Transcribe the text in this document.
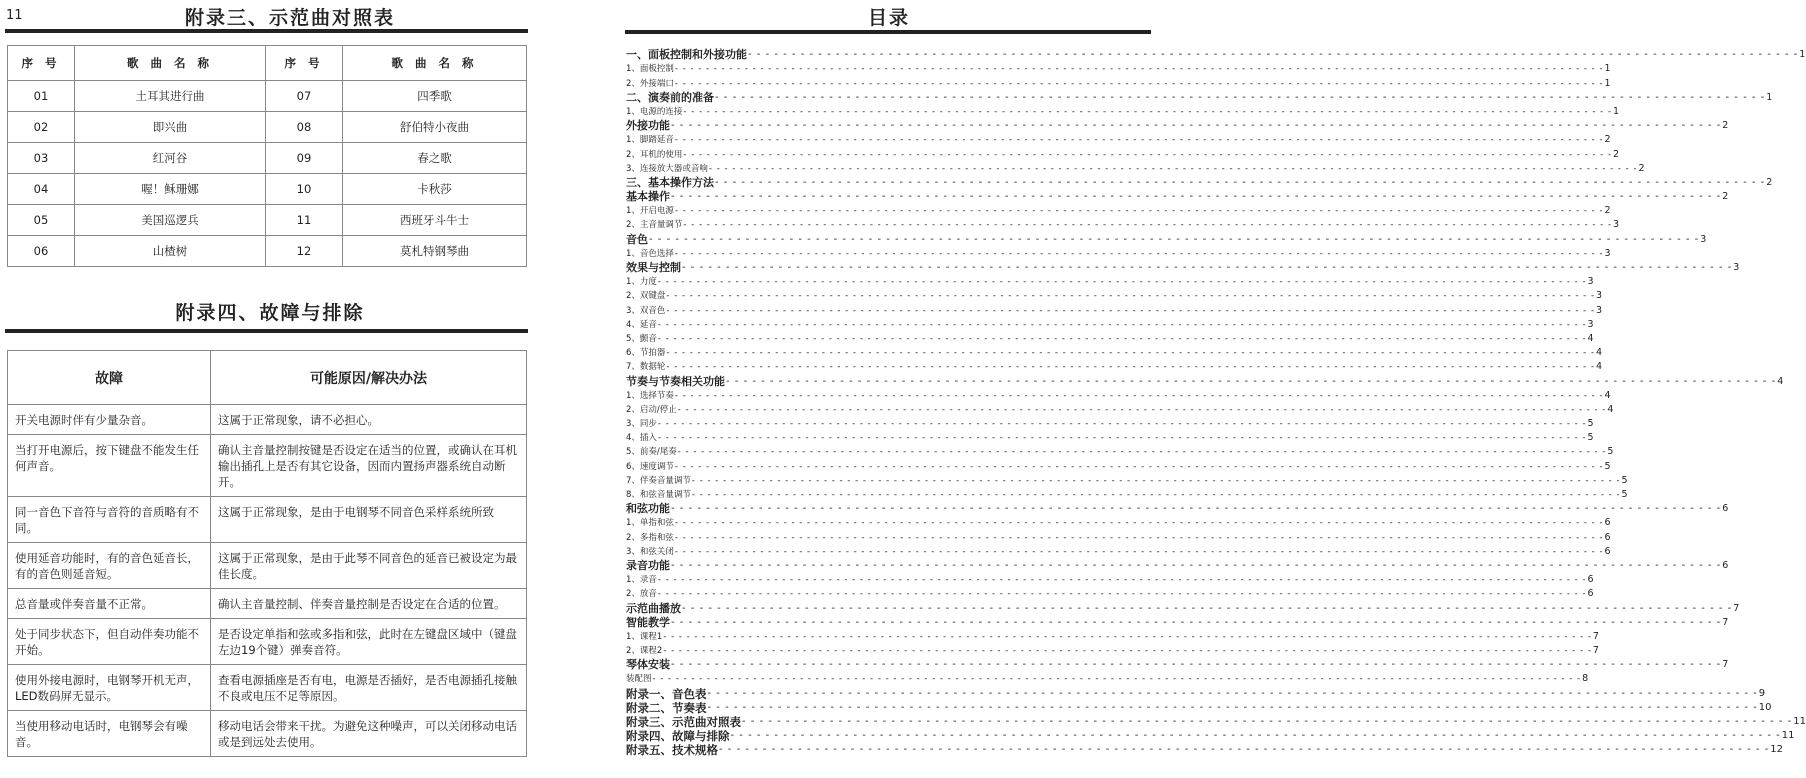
11	附录三、示范曲对照表
序 号	歌 曲 名 称	序 号	歌 曲 名 称
01	土耳其进行曲	07	四季歌
02	即兴曲	08	舒伯特小夜曲
03	红河谷	09	春之歌
04	喔！稣珊娜	10	卡秋莎
05	美国巡逻兵	11	西班牙斗牛士
06	山楂树	12	莫札特钢琴曲
附录四、故障与排除
故障	可能原因/解决办法
开关电源时伴有少量杂音。	这属于正常现象，请不必担心。
当打开电源后，按下键盘不能发生任何声音。	确认主音量控制按键是否设定在适当的位置，或确认在耳机输出插孔上是否有其它设备，因而内置扬声器系统自动断开。
同一音色下音符与音符的音质略有不同。	这属于正常现象，是由于电钢琴不同音色采样系统所致
使用延音功能时，有的音色延音长，有的音色则延音短。	这属于正常现象，是由于此琴不同音色的延音已被设定为最佳长度。
总音量或伴奏音量不正常。	确认主音量控制、伴奏音量控制是否设定在合适的位置。
处于同步状态下，但自动伴奏功能不开始。	是否设定单指和弦或多指和弦，此时在左键盘区域中（键盘左边19个键）弹奏音符。
使用外接电源时，电钢琴开机无声，LED数码屏无显示。	查看电源插座是否有电，电源是否插好，是否电源插孔接触不良或电压不足等原因。
当使用移动电话时，电钢琴会有噪音。	移动电话会带来干扰。为避免这种噪声，可以关闭移动电话或是到远处去使用。
目录
一、面板控制和外接功能 - - - - - - - - - - - - - - - - - - - - - - - - - - - - - - - - - - - - - - - - - - - - - - - - - - - - - - - - - - - - - - - - - - - - - - - - - - - - - - - - - - - - - - - - - - - - - - - - - - - - - - - - - - - - - - - - - - - - - - - - 1
1、面板控制 - - - - - - - - - - - - - - - - - - - - - - - - - - - - - - - - - - - - - - - - - - - - - - - - - - - - - - - - - - - - - - - - - - - - - - - - - - - - - - - - - - - - - - - - - - - - - - - - - - - - - - - - - - - - - - - - - - - - - - - - 1
2、外接端口 - - - - - - - - - - - - - - - - - - - - - - - - - - - - - - - - - - - - - - - - - - - - - - - - - - - - - - - - - - - - - - - - - - - - - - - - - - - - - - - - - - - - - - - - - - - - - - - - - - - - - - - - - - - - - - - - - - - - - - - - 1
二、演奏前的准备 - - - - - - - - - - - - - - - - - - - - - - - - - - - - - - - - - - - - - - - - - - - - - - - - - - - - - - - - - - - - - - - - - - - - - - - - - - - - - - - - - - - - - - - - - - - - - - - - - - - - - - - - - - - - - - - - - - - - - - - - 1
1、电源的连接 - - - - - - - - - - - - - - - - - - - - - - - - - - - - - - - - - - - - - - - - - - - - - - - - - - - - - - - - - - - - - - - - - - - - - - - - - - - - - - - - - - - - - - - - - - - - - - - - - - - - - - - - - - - - - - - - - - - - - - - - 1
外接功能 - - - - - - - - - - - - - - - - - - - - - - - - - - - - - - - - - - - - - - - - - - - - - - - - - - - - - - - - - - - - - - - - - - - - - - - - - - - - - - - - - - - - - - - - - - - - - - - - - - - - - - - - - - - - - - - - - - - - - - - - 2
1、脚踏延音 - - - - - - - - - - - - - - - - - - - - - - - - - - - - - - - - - - - - - - - - - - - - - - - - - - - - - - - - - - - - - - - - - - - - - - - - - - - - - - - - - - - - - - - - - - - - - - - - - - - - - - - - - - - - - - - - - - - - - - - - 2
2、耳机的使用 - - - - - - - - - - - - - - - - - - - - - - - - - - - - - - - - - - - - - - - - - - - - - - - - - - - - - - - - - - - - - - - - - - - - - - - - - - - - - - - - - - - - - - - - - - - - - - - - - - - - - - - - - - - - - - - - - - - - - - - - 2
3、连接放大器或音响 - - - - - - - - - - - - - - - - - - - - - - - - - - - - - - - - - - - - - - - - - - - - - - - - - - - - - - - - - - - - - - - - - - - - - - - - - - - - - - - - - - - - - - - - - - - - - - - - - - - - - - - - - - - - - - - - - - - - - - - - 2
三、基本操作方法 - - - - - - - - - - - - - - - - - - - - - - - - - - - - - - - - - - - - - - - - - - - - - - - - - - - - - - - - - - - - - - - - - - - - - - - - - - - - - - - - - - - - - - - - - - - - - - - - - - - - - - - - - - - - - - - - - - - - - - - - 2
基本操作 - - - - - - - - - - - - - - - - - - - - - - - - - - - - - - - - - - - - - - - - - - - - - - - - - - - - - - - - - - - - - - - - - - - - - - - - - - - - - - - - - - - - - - - - - - - - - - - - - - - - - - - - - - - - - - - - - - - - - - - - 2
1、开启电源 - - - - - - - - - - - - - - - - - - - - - - - - - - - - - - - - - - - - - - - - - - - - - - - - - - - - - - - - - - - - - - - - - - - - - - - - - - - - - - - - - - - - - - - - - - - - - - - - - - - - - - - - - - - - - - - - - - - - - - - - 2
2、主音量调节 - - - - - - - - - - - - - - - - - - - - - - - - - - - - - - - - - - - - - - - - - - - - - - - - - - - - - - - - - - - - - - - - - - - - - - - - - - - - - - - - - - - - - - - - - - - - - - - - - - - - - - - - - - - - - - - - - - - - - - - - 3
音色 - - - - - - - - - - - - - - - - - - - - - - - - - - - - - - - - - - - - - - - - - - - - - - - - - - - - - - - - - - - - - - - - - - - - - - - - - - - - - - - - - - - - - - - - - - - - - - - - - - - - - - - - - - - - - - - - - - - - - - - - 3
1、音色选择 - - - - - - - - - - - - - - - - - - - - - - - - - - - - - - - - - - - - - - - - - - - - - - - - - - - - - - - - - - - - - - - - - - - - - - - - - - - - - - - - - - - - - - - - - - - - - - - - - - - - - - - - - - - - - - - - - - - - - - - - 3
效果与控制 - - - - - - - - - - - - - - - - - - - - - - - - - - - - - - - - - - - - - - - - - - - - - - - - - - - - - - - - - - - - - - - - - - - - - - - - - - - - - - - - - - - - - - - - - - - - - - - - - - - - - - - - - - - - - - - - - - - - - - - - 3
1、力度 - - - - - - - - - - - - - - - - - - - - - - - - - - - - - - - - - - - - - - - - - - - - - - - - - - - - - - - - - - - - - - - - - - - - - - - - - - - - - - - - - - - - - - - - - - - - - - - - - - - - - - - - - - - - - - - - - - - - - - - - 3
2、双键盘 - - - - - - - - - - - - - - - - - - - - - - - - - - - - - - - - - - - - - - - - - - - - - - - - - - - - - - - - - - - - - - - - - - - - - - - - - - - - - - - - - - - - - - - - - - - - - - - - - - - - - - - - - - - - - - - - - - - - - - - - 3
3、双音色 - - - - - - - - - - - - - - - - - - - - - - - - - - - - - - - - - - - - - - - - - - - - - - - - - - - - - - - - - - - - - - - - - - - - - - - - - - - - - - - - - - - - - - - - - - - - - - - - - - - - - - - - - - - - - - - - - - - - - - - - 3
4、延音 - - - - - - - - - - - - - - - - - - - - - - - - - - - - - - - - - - - - - - - - - - - - - - - - - - - - - - - - - - - - - - - - - - - - - - - - - - - - - - - - - - - - - - - - - - - - - - - - - - - - - - - - - - - - - - - - - - - - - - - - 3
5、颤音 - - - - - - - - - - - - - - - - - - - - - - - - - - - - - - - - - - - - - - - - - - - - - - - - - - - - - - - - - - - - - - - - - - - - - - - - - - - - - - - - - - - - - - - - - - - - - - - - - - - - - - - - - - - - - - - - - - - - - - - - 4
6、节拍器 - - - - - - - - - - - - - - - - - - - - - - - - - - - - - - - - - - - - - - - - - - - - - - - - - - - - - - - - - - - - - - - - - - - - - - - - - - - - - - - - - - - - - - - - - - - - - - - - - - - - - - - - - - - - - - - - - - - - - - - - 4
7、数据轮 - - - - - - - - - - - - - - - - - - - - - - - - - - - - - - - - - - - - - - - - - - - - - - - - - - - - - - - - - - - - - - - - - - - - - - - - - - - - - - - - - - - - - - - - - - - - - - - - - - - - - - - - - - - - - - - - - - - - - - - - 4
节奏与节奏相关功能 - - - - - - - - - - - - - - - - - - - - - - - - - - - - - - - - - - - - - - - - - - - - - - - - - - - - - - - - - - - - - - - - - - - - - - - - - - - - - - - - - - - - - - - - - - - - - - - - - - - - - - - - - - - - - - - - - - - - - - - - 4
1、选择节奏 - - - - - - - - - - - - - - - - - - - - - - - - - - - - - - - - - - - - - - - - - - - - - - - - - - - - - - - - - - - - - - - - - - - - - - - - - - - - - - - - - - - - - - - - - - - - - - - - - - - - - - - - - - - - - - - - - - - - - - - - 4
2、启动/停止 - - - - - - - - - - - - - - - - - - - - - - - - - - - - - - - - - - - - - - - - - - - - - - - - - - - - - - - - - - - - - - - - - - - - - - - - - - - - - - - - - - - - - - - - - - - - - - - - - - - - - - - - - - - - - - - - - - - - - - - - 4
3、同步 - - - - - - - - - - - - - - - - - - - - - - - - - - - - - - - - - - - - - - - - - - - - - - - - - - - - - - - - - - - - - - - - - - - - - - - - - - - - - - - - - - - - - - - - - - - - - - - - - - - - - - - - - - - - - - - - - - - - - - - - 5
4、插入 - - - - - - - - - - - - - - - - - - - - - - - - - - - - - - - - - - - - - - - - - - - - - - - - - - - - - - - - - - - - - - - - - - - - - - - - - - - - - - - - - - - - - - - - - - - - - - - - - - - - - - - - - - - - - - - - - - - - - - - - 5
5、前奏/尾奏 - - - - - - - - - - - - - - - - - - - - - - - - - - - - - - - - - - - - - - - - - - - - - - - - - - - - - - - - - - - - - - - - - - - - - - - - - - - - - - - - - - - - - - - - - - - - - - - - - - - - - - - - - - - - - - - - - - - - - - - - 5
6、速度调节 - - - - - - - - - - - - - - - - - - - - - - - - - - - - - - - - - - - - - - - - - - - - - - - - - - - - - - - - - - - - - - - - - - - - - - - - - - - - - - - - - - - - - - - - - - - - - - - - - - - - - - - - - - - - - - - - - - - - - - - - 5
7、伴奏音量调节 - - - - - - - - - - - - - - - - - - - - - - - - - - - - - - - - - - - - - - - - - - - - - - - - - - - - - - - - - - - - - - - - - - - - - - - - - - - - - - - - - - - - - - - - - - - - - - - - - - - - - - - - - - - - - - - - - - - - - - - - 5
8、和弦音量调节 - - - - - - - - - - - - - - - - - - - - - - - - - - - - - - - - - - - - - - - - - - - - - - - - - - - - - - - - - - - - - - - - - - - - - - - - - - - - - - - - - - - - - - - - - - - - - - - - - - - - - - - - - - - - - - - - - - - - - - - - 5
和弦功能 - - - - - - - - - - - - - - - - - - - - - - - - - - - - - - - - - - - - - - - - - - - - - - - - - - - - - - - - - - - - - - - - - - - - - - - - - - - - - - - - - - - - - - - - - - - - - - - - - - - - - - - - - - - - - - - - - - - - - - - - 6
1、单指和弦 - - - - - - - - - - - - - - - - - - - - - - - - - - - - - - - - - - - - - - - - - - - - - - - - - - - - - - - - - - - - - - - - - - - - - - - - - - - - - - - - - - - - - - - - - - - - - - - - - - - - - - - - - - - - - - - - - - - - - - - - 6
2、多指和弦 - - - - - - - - - - - - - - - - - - - - - - - - - - - - - - - - - - - - - - - - - - - - - - - - - - - - - - - - - - - - - - - - - - - - - - - - - - - - - - - - - - - - - - - - - - - - - - - - - - - - - - - - - - - - - - - - - - - - - - - - 6
3、和弦关闭 - - - - - - - - - - - - - - - - - - - - - - - - - - - - - - - - - - - - - - - - - - - - - - - - - - - - - - - - - - - - - - - - - - - - - - - - - - - - - - - - - - - - - - - - - - - - - - - - - - - - - - - - - - - - - - - - - - - - - - - - 6
录音功能 - - - - - - - - - - - - - - - - - - - - - - - - - - - - - - - - - - - - - - - - - - - - - - - - - - - - - - - - - - - - - - - - - - - - - - - - - - - - - - - - - - - - - - - - - - - - - - - - - - - - - - - - - - - - - - - - - - - - - - - - 6
1、录音 - - - - - - - - - - - - - - - - - - - - - - - - - - - - - - - - - - - - - - - - - - - - - - - - - - - - - - - - - - - - - - - - - - - - - - - - - - - - - - - - - - - - - - - - - - - - - - - - - - - - - - - - - - - - - - - - - - - - - - - - 6
2、放音 - - - - - - - - - - - - - - - - - - - - - - - - - - - - - - - - - - - - - - - - - - - - - - - - - - - - - - - - - - - - - - - - - - - - - - - - - - - - - - - - - - - - - - - - - - - - - - - - - - - - - - - - - - - - - - - - - - - - - - - - 6
示范曲播放 - - - - - - - - - - - - - - - - - - - - - - - - - - - - - - - - - - - - - - - - - - - - - - - - - - - - - - - - - - - - - - - - - - - - - - - - - - - - - - - - - - - - - - - - - - - - - - - - - - - - - - - - - - - - - - - - - - - - - - - - 7
智能教学 - - - - - - - - - - - - - - - - - - - - - - - - - - - - - - - - - - - - - - - - - - - - - - - - - - - - - - - - - - - - - - - - - - - - - - - - - - - - - - - - - - - - - - - - - - - - - - - - - - - - - - - - - - - - - - - - - - - - - - - - 7
1、课程1 - - - - - - - - - - - - - - - - - - - - - - - - - - - - - - - - - - - - - - - - - - - - - - - - - - - - - - - - - - - - - - - - - - - - - - - - - - - - - - - - - - - - - - - - - - - - - - - - - - - - - - - - - - - - - - - - - - - - - - - - 7
2、课程2 - - - - - - - - - - - - - - - - - - - - - - - - - - - - - - - - - - - - - - - - - - - - - - - - - - - - - - - - - - - - - - - - - - - - - - - - - - - - - - - - - - - - - - - - - - - - - - - - - - - - - - - - - - - - - - - - - - - - - - - - 7
琴体安装 - - - - - - - - - - - - - - - - - - - - - - - - - - - - - - - - - - - - - - - - - - - - - - - - - - - - - - - - - - - - - - - - - - - - - - - - - - - - - - - - - - - - - - - - - - - - - - - - - - - - - - - - - - - - - - - - - - - - - - - - 7
装配图 - - - - - - - - - - - - - - - - - - - - - - - - - - - - - - - - - - - - - - - - - - - - - - - - - - - - - - - - - - - - - - - - - - - - - - - - - - - - - - - - - - - - - - - - - - - - - - - - - - - - - - - - - - - - - - - - - - - - - - - - 8
附录一、音色表 - - - - - - - - - - - - - - - - - - - - - - - - - - - - - - - - - - - - - - - - - - - - - - - - - - - - - - - - - - - - - - - - - - - - - - - - - - - - - - - - - - - - - - - - - - - - - - - - - - - - - - - - - - - - - - - - - - - - - - - - 9
附录二、节奏表 - - - - - - - - - - - - - - - - - - - - - - - - - - - - - - - - - - - - - - - - - - - - - - - - - - - - - - - - - - - - - - - - - - - - - - - - - - - - - - - - - - - - - - - - - - - - - - - - - - - - - - - - - - - - - - - - - - - - - - - - 10
附录三、示范曲对照表 - - - - - - - - - - - - - - - - - - - - - - - - - - - - - - - - - - - - - - - - - - - - - - - - - - - - - - - - - - - - - - - - - - - - - - - - - - - - - - - - - - - - - - - - - - - - - - - - - - - - - - - - - - - - - - - - - - - - - - - - 11
附录四、故障与排除 - - - - - - - - - - - - - - - - - - - - - - - - - - - - - - - - - - - - - - - - - - - - - - - - - - - - - - - - - - - - - - - - - - - - - - - - - - - - - - - - - - - - - - - - - - - - - - - - - - - - - - - - - - - - - - - - - - - - - - - - 11
附录五、技术规格 - - - - - - - - - - - - - - - - - - - - - - - - - - - - - - - - - - - - - - - - - - - - - - - - - - - - - - - - - - - - - - - - - - - - - - - - - - - - - - - - - - - - - - - - - - - - - - - - - - - - - - - - - - - - - - - - - - - - - - - - 12
